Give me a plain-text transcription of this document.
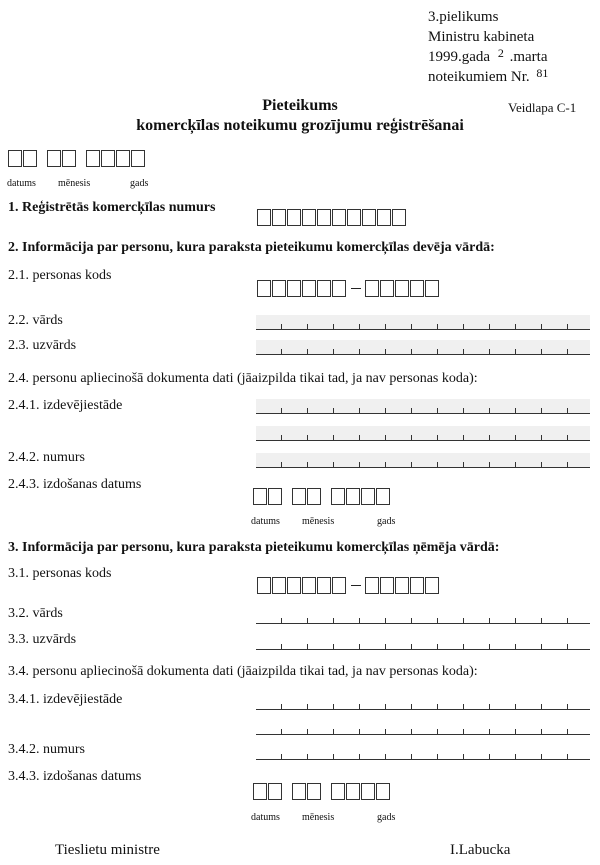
3.pielikums
Ministru kabineta
1999.gada $^2$ .marta
noteikumiem Nr. $^{81}$
Veidlapa C-1
Pieteikums
komercķīlas noteikumu grozījumu reģistrēšanai
datums mēnesis	gads
1. Reģistrētās komercķīlas numurs
2. Informācija par personu, kura paraksta pieteikumu komercķīlas devēja vārdā:
2.1. personas kods
2.2. vārds
2.3. uzvārds
2.4. personu apliecinošā dokumenta dati (jāaizpilda tikai tad, ja nav personas koda):
2.4.1. izdevējiestāde
2.4.2. numurs
2.4.3. izdošanas datums
datums mēnesis	gads
3. Informācija par personu, kura paraksta pieteikumu komercķīlas ņēmēja vārdā:
3.1. personas kods
3.2. vārds
3.3. uzvārds
3.4. personu apliecinošā dokumenta dati (jāaizpilda tikai tad, ja nav personas koda):
3.4.1. izdevējiestāde
3.4.2. numurs
3.4.3. izdošanas datums
datums mēnesis	gads
Tieslietu ministre	I.Labucka
